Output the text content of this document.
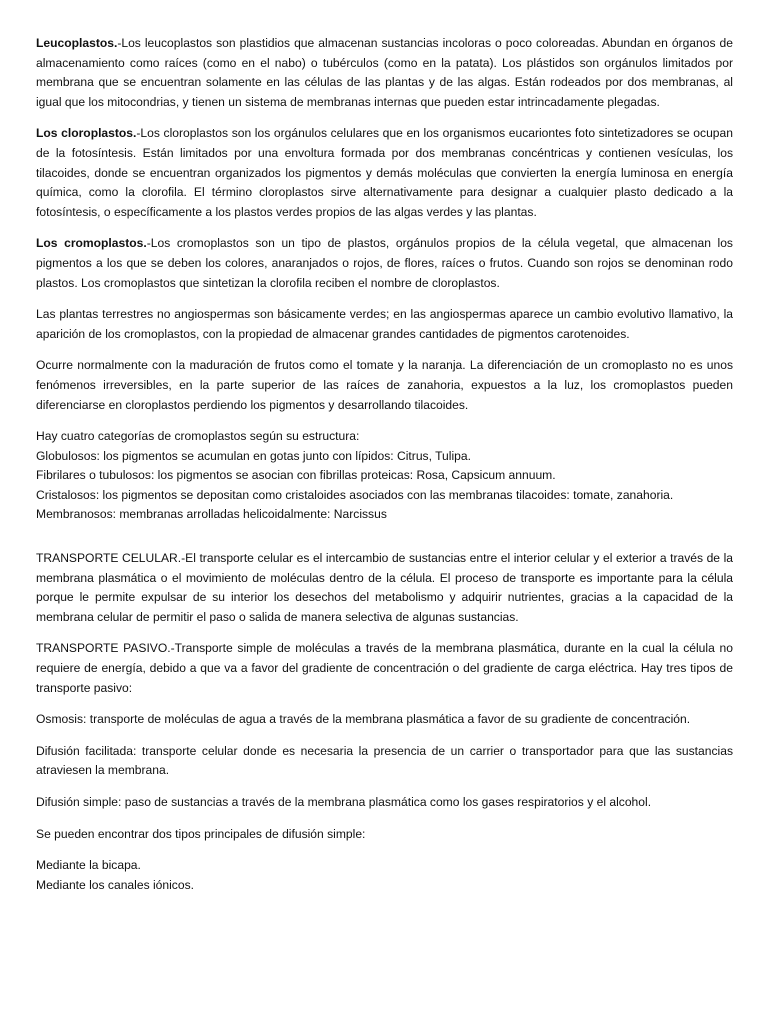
Leucoplastos.-Los leucoplastos son plastidios que almacenan sustancias incoloras o poco coloreadas. Abundan en órganos de almacenamiento como raíces (como en el nabo) o tubérculos (como en la patata). Los plástidos son orgánulos limitados por membrana que se encuentran solamente en las células de las plantas y de las algas. Están rodeados por dos membranas, al igual que los mitocondrias, y tienen un sistema de membranas internas que pueden estar intrincadamente plegadas.

Los cloroplastos.-Los cloroplastos son los orgánulos celulares que en los organismos eucariontes foto sintetizadores se ocupan de la fotosíntesis. Están limitados por una envoltura formada por dos membranas concéntricas y contienen vesículas, los tilacoides, donde se encuentran organizados los pigmentos y demás moléculas que convierten la energía luminosa en energía química, como la clorofila. El término cloroplastos sirve alternativamente para designar a cualquier plasto dedicado a la fotosíntesis, o específicamente a los plastos verdes propios de las algas verdes y las plantas.

Los cromoplastos.-Los cromoplastos son un tipo de plastos, orgánulos propios de la célula vegetal, que almacenan los pigmentos a los que se deben los colores, anaranjados o rojos, de flores, raíces o frutos. Cuando son rojos se denominan rodo plastos. Los cromoplastos que sintetizan la clorofila reciben el nombre de cloroplastos.

Las plantas terrestres no angiospermas son básicamente verdes; en las angiospermas aparece un cambio evolutivo llamativo, la aparición de los cromoplastos, con la propiedad de almacenar grandes cantidades de pigmentos carotenoides.

Ocurre normalmente con la maduración de frutos como el tomate y la naranja. La diferenciación de un cromoplasto no es unos fenómenos irreversibles, en la parte superior de las raíces de zanahoria, expuestos a la luz, los cromoplastos pueden diferenciarse en cloroplastos perdiendo los pigmentos y desarrollando tilacoides.

Hay cuatro categorías de cromoplastos según su estructura:

Globulosos: los pigmentos se acumulan en gotas junto con lípidos: Citrus, Tulipa.

Fibrilares o tubulosos: los pigmentos se asocian con fibrillas proteicas: Rosa, Capsicum annuum.

Cristalosos: los pigmentos se depositan como cristaloides asociados con las membranas tilacoides: tomate, zanahoria.

Membranosos: membranas arrolladas helicoidalmente: Narcissus

TRANSPORTE CELULAR.-El transporte celular es el intercambio de sustancias entre el interior celular y el exterior a través de la membrana plasmática o el movimiento de moléculas dentro de la célula. El proceso de transporte es importante para la célula porque le permite expulsar de su interior los desechos del metabolismo y adquirir nutrientes, gracias a la capacidad de la membrana celular de permitir el paso o salida de manera selectiva de algunas sustancias.

TRANSPORTE PASIVO.-Transporte simple de moléculas a través de la membrana plasmática, durante en la cual la célula no requiere de energía, debido a que va a favor del gradiente de concentración o del gradiente de carga eléctrica. Hay tres tipos de transporte pasivo:

Osmosis: transporte de moléculas de agua a través de la membrana plasmática a favor de su gradiente de concentración.

Difusión facilitada: transporte celular donde es necesaria la presencia de un carrier o transportador para que las sustancias atraviesen la membrana.

Difusión simple: paso de sustancias a través de la membrana plasmática como los gases respiratorios y el alcohol.

Se pueden encontrar dos tipos principales de difusión simple:

Mediante la bicapa.

Mediante los canales iónicos.
